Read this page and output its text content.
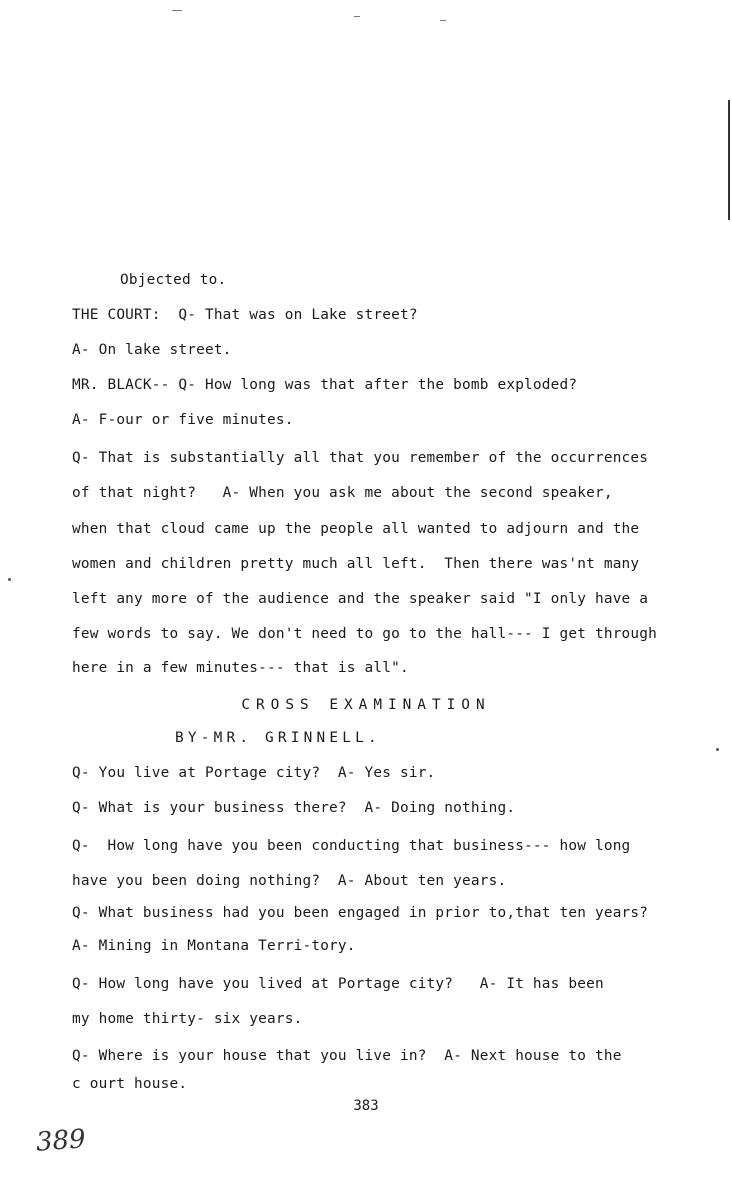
Objected to.
THE COURT:  Q- That was on Lake street?
A- On lake street.
MR. BLACK-- Q- How long was that after the bomb exploded?
A- F-our or five minutes.
Q- That is substantially all that you remember of the occurrences
of that night?   A- When you ask me about the second speaker,
when that cloud came up the people all wanted to adjourn and the
women and children pretty much all left.  Then there was'nt many
left any more of the audience and the speaker said "I only have a
few words to say. We don't need to go to the hall--- I get through
here in a few minutes--- that is all".
CROSS EXAMINATION
BY-MR. GRINNELL.
Q- You live at Portage city?  A- Yes sir.
Q- What is your business there?  A- Doing nothing.
Q-  How long have you been conducting that business--- how long
have you been doing nothing?  A- About ten years.
Q- What business had you been engaged in prior to,that ten years?
A- Mining in Montana Terri-tory.
Q- How long have you lived at Portage city?   A- It has been
my home thirty- six years.
Q- Where is your house that you live in?  A- Next house to the
c ourt house.
383
389
